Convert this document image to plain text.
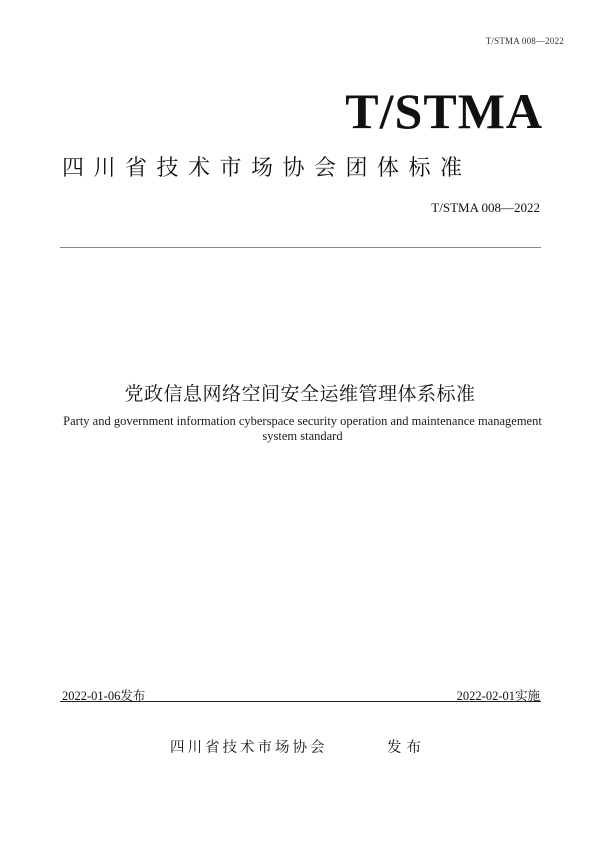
T/STMA 008—2022
T/STMA
四川省技术市场协会团体标准
T/STMA 008—2022
党政信息网络空间安全运维管理体系标准
Party and government information cyberspace security operation and maintenance management system standard
2022-01-06发布	2022-02-01实施
四川省技术市场协会	发布
